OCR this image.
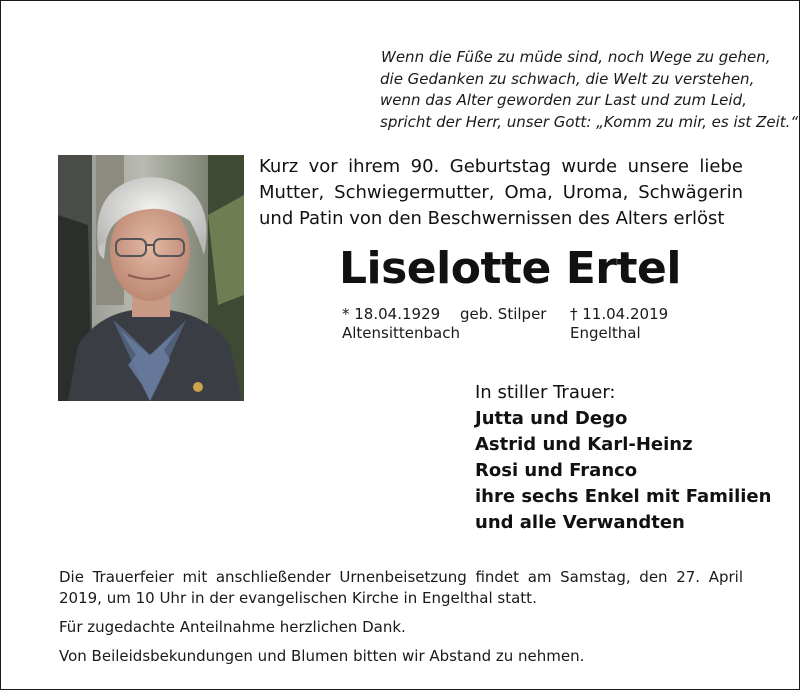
Wenn die Füße zu müde sind, noch Wege zu gehen,
die Gedanken zu schwach, die Welt zu verstehen,
wenn das Alter geworden zur Last und zum Leid,
spricht der Herr, unser Gott: „Komm zu mir, es ist Zeit.“
Kurz vor ihrem 90. Geburtstag wurde unsere liebe
Mutter, Schwiegermutter, Oma, Uroma, Schwägerin
und Patin von den Beschwernissen des Alters erlöst
Liselotte Ertel
* 18.04.1929
Altensittenbach
geb. Stilper † 11.04.2019
Engelthal
In stiller Trauer:
Jutta und Dego
Astrid und Karl-Heinz
Rosi und Franco
ihre sechs Enkel mit Familien
und alle Verwandten

Die Trauerfeier mit anschließender Urnenbeisetzung findet am Samstag, den 27. April 2019, um 10 Uhr in der evangelischen Kirche in Engelthal statt.

Für zugedachte Anteilnahme herzlichen Dank.

Von Beileidsbekundungen und Blumen bitten wir Abstand zu nehmen.
